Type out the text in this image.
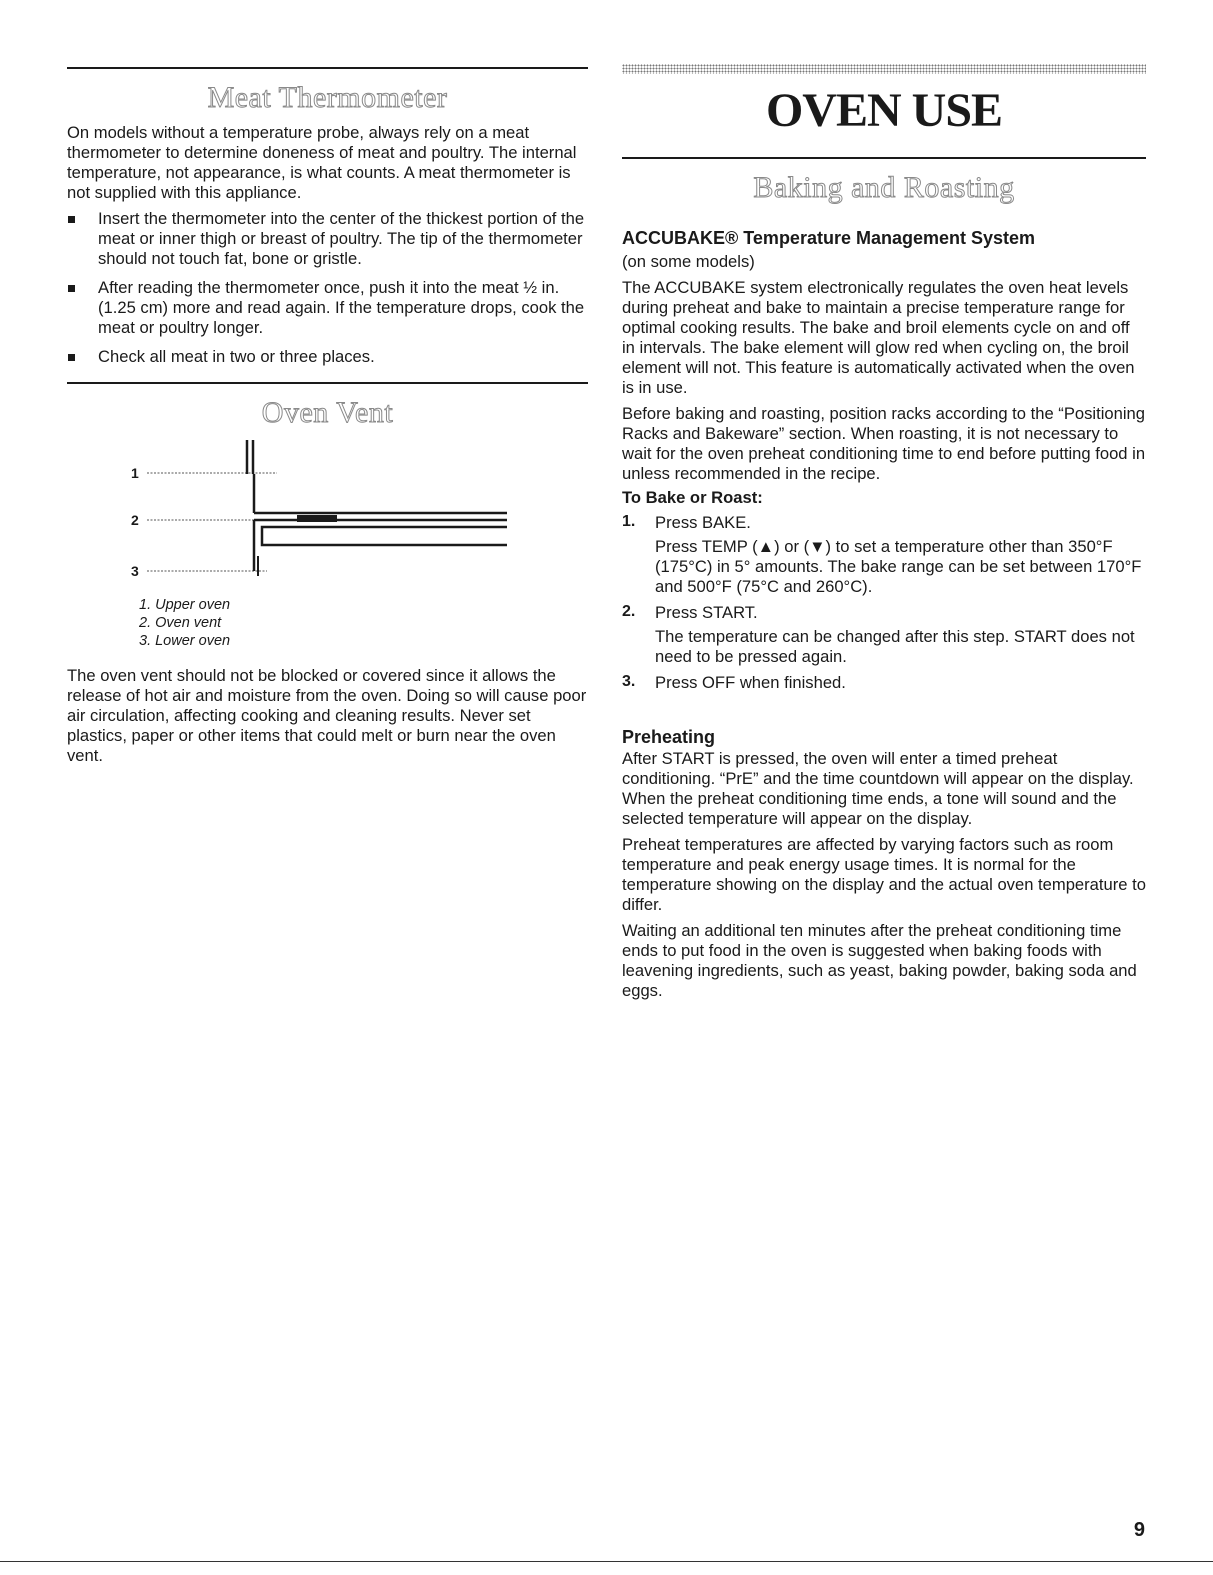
Meat Thermometer

On models without a temperature probe, always rely on a meat thermometer to determine doneness of meat and poultry. The internal temperature, not appearance, is what counts. A meat thermometer is not supplied with this appliance.

Insert the thermometer into the center of the thickest portion of the meat or inner thigh or breast of poultry. The tip of the thermometer should not touch fat, bone or gristle.
After reading the thermometer once, push it into the meat ½ in. (1.25 cm) more and read again. If the temperature drops, cook the meat or poultry longer.
Check all meat in two or three places.
Oven Vent
1
2
3
1. Upper oven
2. Oven vent
3. Lower oven

The oven vent should not be blocked or covered since it allows the release of hot air and moisture from the oven. Doing so will cause poor air circulation, affecting cooking and cleaning results. Never set plastics, paper or other items that could melt or burn near the oven vent.

OVEN USE
Baking and Roasting
ACCUBAKE® Temperature Management System

(on some models)

The ACCUBAKE system electronically regulates the oven heat levels during preheat and bake to maintain a precise temperature range for optimal cooking results. The bake and broil elements cycle on and off in intervals. The bake element will glow red when cycling on, the broil element will not. This feature is automatically activated when the oven is in use.

Before baking and roasting, position racks according to the “Positioning Racks and Bakeware” section. When roasting, it is not necessary to wait for the oven preheat conditioning time to end before putting food in unless recommended in the recipe.

To Bake or Roast:
1. Press BAKE.

Press TEMP (▲) or (▼) to set a temperature other than 350°F (175°C) in 5° amounts. The bake range can be set between 170°F and 500°F (75°C and 260°C).

2. Press START.

The temperature can be changed after this step. START does not need to be pressed again.

3. Press OFF when finished.

Preheating

After START is pressed, the oven will enter a timed preheat conditioning. “PrE” and the time countdown will appear on the display. When the preheat conditioning time ends, a tone will sound and the selected temperature will appear on the display.

Preheat temperatures are affected by varying factors such as room temperature and peak energy usage times. It is normal for the temperature showing on the display and the actual oven temperature to differ.

Waiting an additional ten minutes after the preheat conditioning time ends to put food in the oven is suggested when baking foods with leavening ingredients, such as yeast, baking powder, baking soda and eggs.

9
